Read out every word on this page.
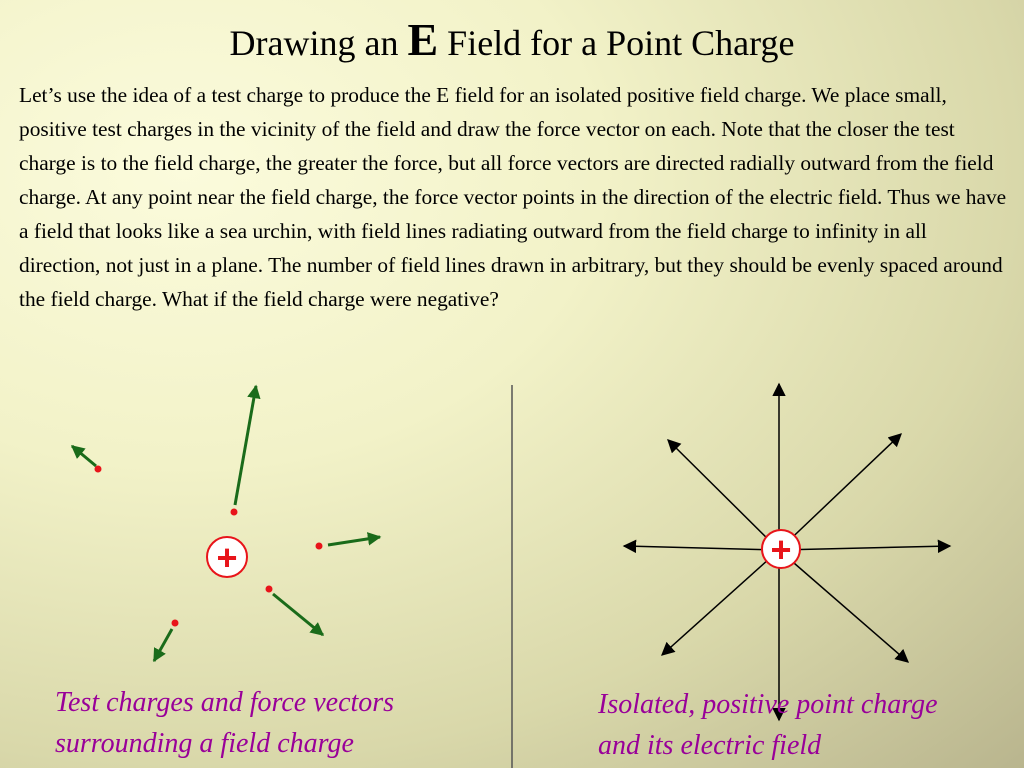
Drawing an E Field for a Point Charge
Let’s use the idea of a test charge to produce the E field for an isolated positive field charge. We place small, positive test charges in the vicinity of the field and draw the force vector on each. Note that the closer the test charge is to the field charge, the greater the force, but all force vectors are directed radially outward from the field charge. At any point near the field charge, the force vector points in the direction of the electric field. Thus we have a field that looks like a sea urchin, with field lines radiating outward from the field charge to infinity in all direction, not just in a plane. The number of field lines drawn in arbitrary, but they should be evenly spaced around the field charge. What if the field charge were negative?
+	+
Test charges and force vectors
surrounding a field charge
Isolated, positive point charge
and its electric field
